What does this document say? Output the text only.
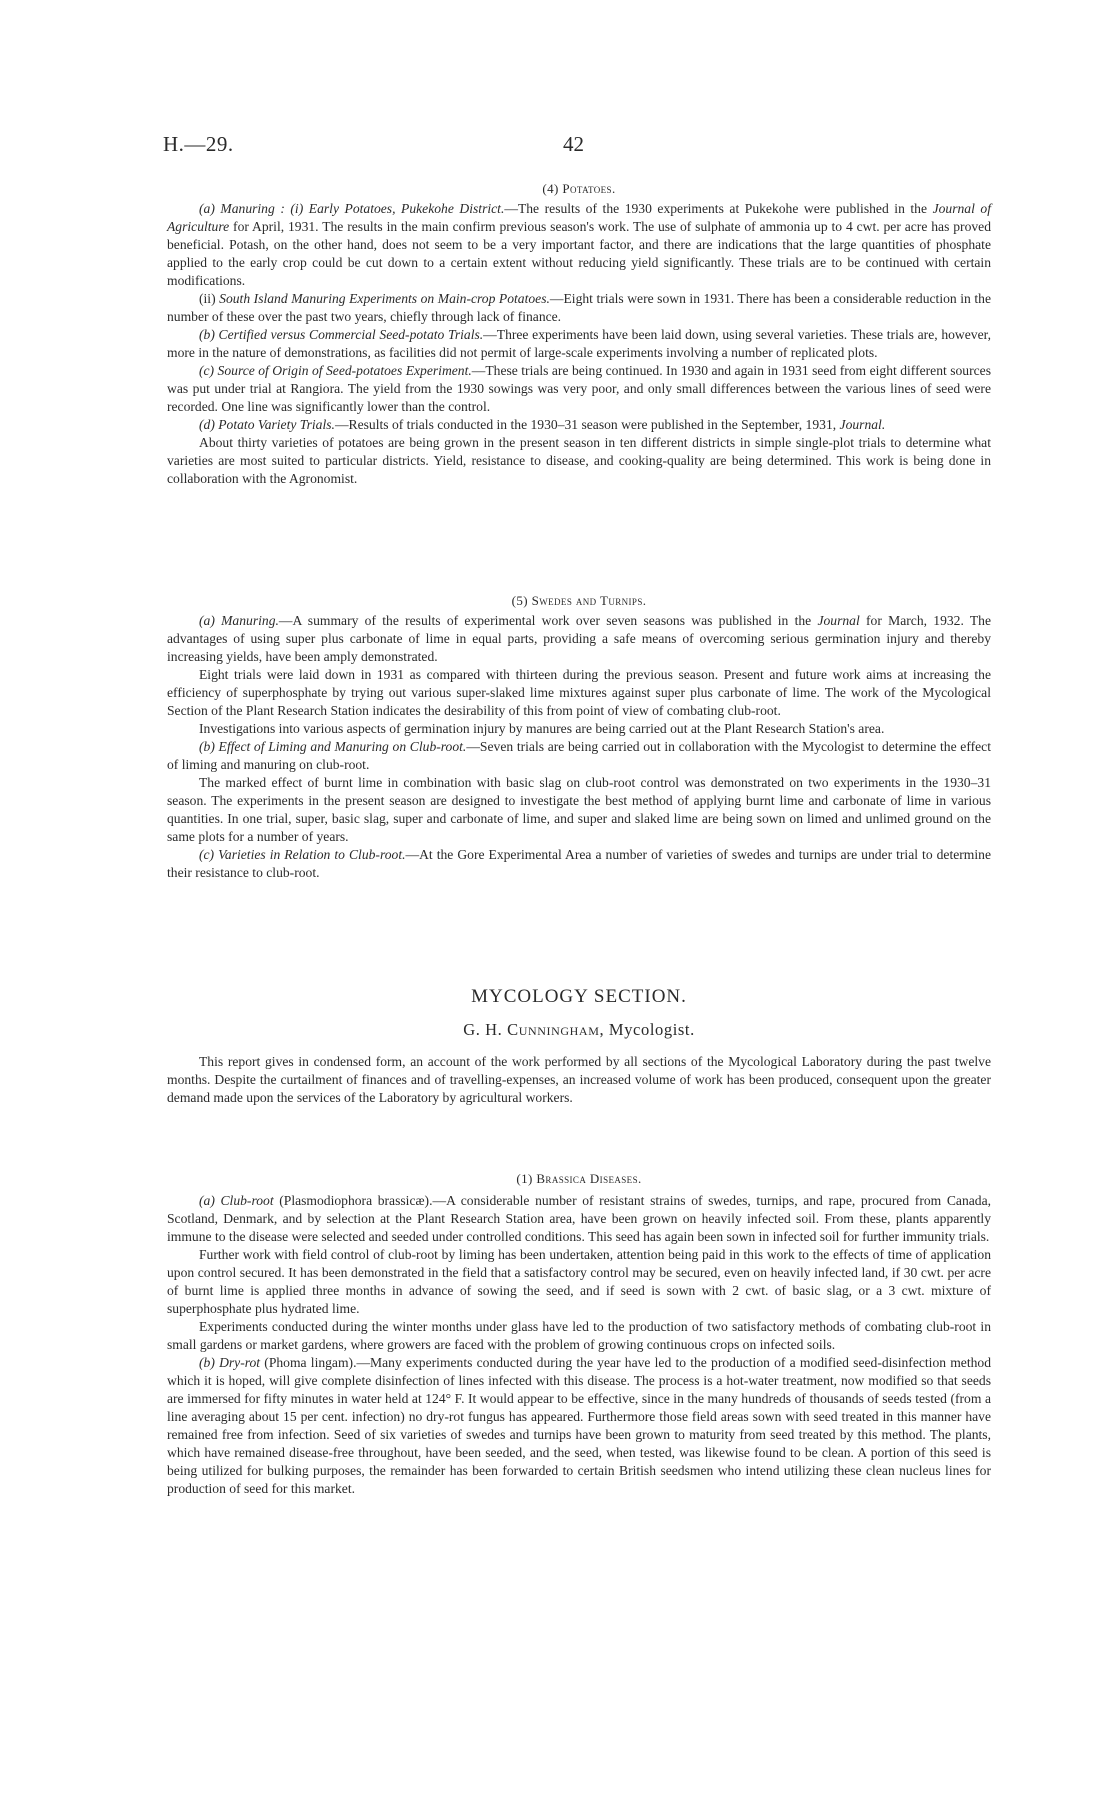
H.—29.	42

(4) Potatoes.

(a) Manuring : (i) Early Potatoes, Pukekohe District.—The results of the 1930 experiments at Pukekohe were published in the Journal of Agriculture for April, 1931. The results in the main confirm previous season's work. The use of sulphate of ammonia up to 4 cwt. per acre has proved beneficial. Potash, on the other hand, does not seem to be a very important factor, and there are indications that the large quantities of phosphate applied to the early crop could be cut down to a certain extent without reducing yield significantly. These trials are to be continued with certain modifications.

(ii) South Island Manuring Experiments on Main-crop Potatoes.—Eight trials were sown in 1931. There has been a considerable reduction in the number of these over the past two years, chiefly through lack of finance.

(b) Certified versus Commercial Seed-potato Trials.—Three experiments have been laid down, using several varieties. These trials are, however, more in the nature of demonstrations, as facilities did not permit of large-scale experiments involving a number of replicated plots.

(c) Source of Origin of Seed-potatoes Experiment.—These trials are being continued. In 1930 and again in 1931 seed from eight different sources was put under trial at Rangiora. The yield from the 1930 sowings was very poor, and only small differences between the various lines of seed were recorded. One line was significantly lower than the control.

(d) Potato Variety Trials.—Results of trials conducted in the 1930–31 season were published in the September, 1931, Journal.

About thirty varieties of potatoes are being grown in the present season in ten different districts in simple single-plot trials to determine what varieties are most suited to particular districts. Yield, resistance to disease, and cooking-quality are being determined. This work is being done in collaboration with the Agronomist.

(5) Swedes and Turnips.

(a) Manuring.—A summary of the results of experimental work over seven seasons was published in the Journal for March, 1932. The advantages of using super plus carbonate of lime in equal parts, providing a safe means of overcoming serious germination injury and thereby increasing yields, have been amply demonstrated.

Eight trials were laid down in 1931 as compared with thirteen during the previous season. Present and future work aims at increasing the efficiency of superphosphate by trying out various super-slaked lime mixtures against super plus carbonate of lime. The work of the Mycological Section of the Plant Research Station indicates the desirability of this from point of view of combating club-root.

Investigations into various aspects of germination injury by manures are being carried out at the Plant Research Station's area.

(b) Effect of Liming and Manuring on Club-root.—Seven trials are being carried out in collaboration with the Mycologist to determine the effect of liming and manuring on club-root.

The marked effect of burnt lime in combination with basic slag on club-root control was demonstrated on two experiments in the 1930–31 season. The experiments in the present season are designed to investigate the best method of applying burnt lime and carbonate of lime in various quantities. In one trial, super, basic slag, super and carbonate of lime, and super and slaked lime are being sown on limed and unlimed ground on the same plots for a number of years.

(c) Varieties in Relation to Club-root.—At the Gore Experimental Area a number of varieties of swedes and turnips are under trial to determine their resistance to club-root.

MYCOLOGY SECTION.

G. H. Cunningham, Mycologist.

This report gives in condensed form, an account of the work performed by all sections of the Mycological Laboratory during the past twelve months. Despite the curtailment of finances and of travelling-expenses, an increased volume of work has been produced, consequent upon the greater demand made upon the services of the Laboratory by agricultural workers.

(1) Brassica Diseases.

(a) Club-root (Plasmodiophora brassicæ).—A considerable number of resistant strains of swedes, turnips, and rape, procured from Canada, Scotland, Denmark, and by selection at the Plant Research Station area, have been grown on heavily infected soil. From these, plants apparently immune to the disease were selected and seeded under controlled conditions. This seed has again been sown in infected soil for further immunity trials.

Further work with field control of club-root by liming has been undertaken, attention being paid in this work to the effects of time of application upon control secured. It has been demonstrated in the field that a satisfactory control may be secured, even on heavily infected land, if 30 cwt. per acre of burnt lime is applied three months in advance of sowing the seed, and if seed is sown with 2 cwt. of basic slag, or a 3 cwt. mixture of superphosphate plus hydrated lime.

Experiments conducted during the winter months under glass have led to the production of two satisfactory methods of combating club-root in small gardens or market gardens, where growers are faced with the problem of growing continuous crops on infected soils.

(b) Dry-rot (Phoma lingam).—Many experiments conducted during the year have led to the production of a modified seed-disinfection method which it is hoped, will give complete disinfection of lines infected with this disease. The process is a hot-water treatment, now modified so that seeds are immersed for fifty minutes in water held at 124° F. It would appear to be effective, since in the many hundreds of thousands of seeds tested (from a line averaging about 15 per cent. infection) no dry-rot fungus has appeared. Furthermore those field areas sown with seed treated in this manner have remained free from infection. Seed of six varieties of swedes and turnips have been grown to maturity from seed treated by this method. The plants, which have remained disease-free throughout, have been seeded, and the seed, when tested, was likewise found to be clean. A portion of this seed is being utilized for bulking purposes, the remainder has been forwarded to certain British seedsmen who intend utilizing these clean nucleus lines for production of seed for this market.
